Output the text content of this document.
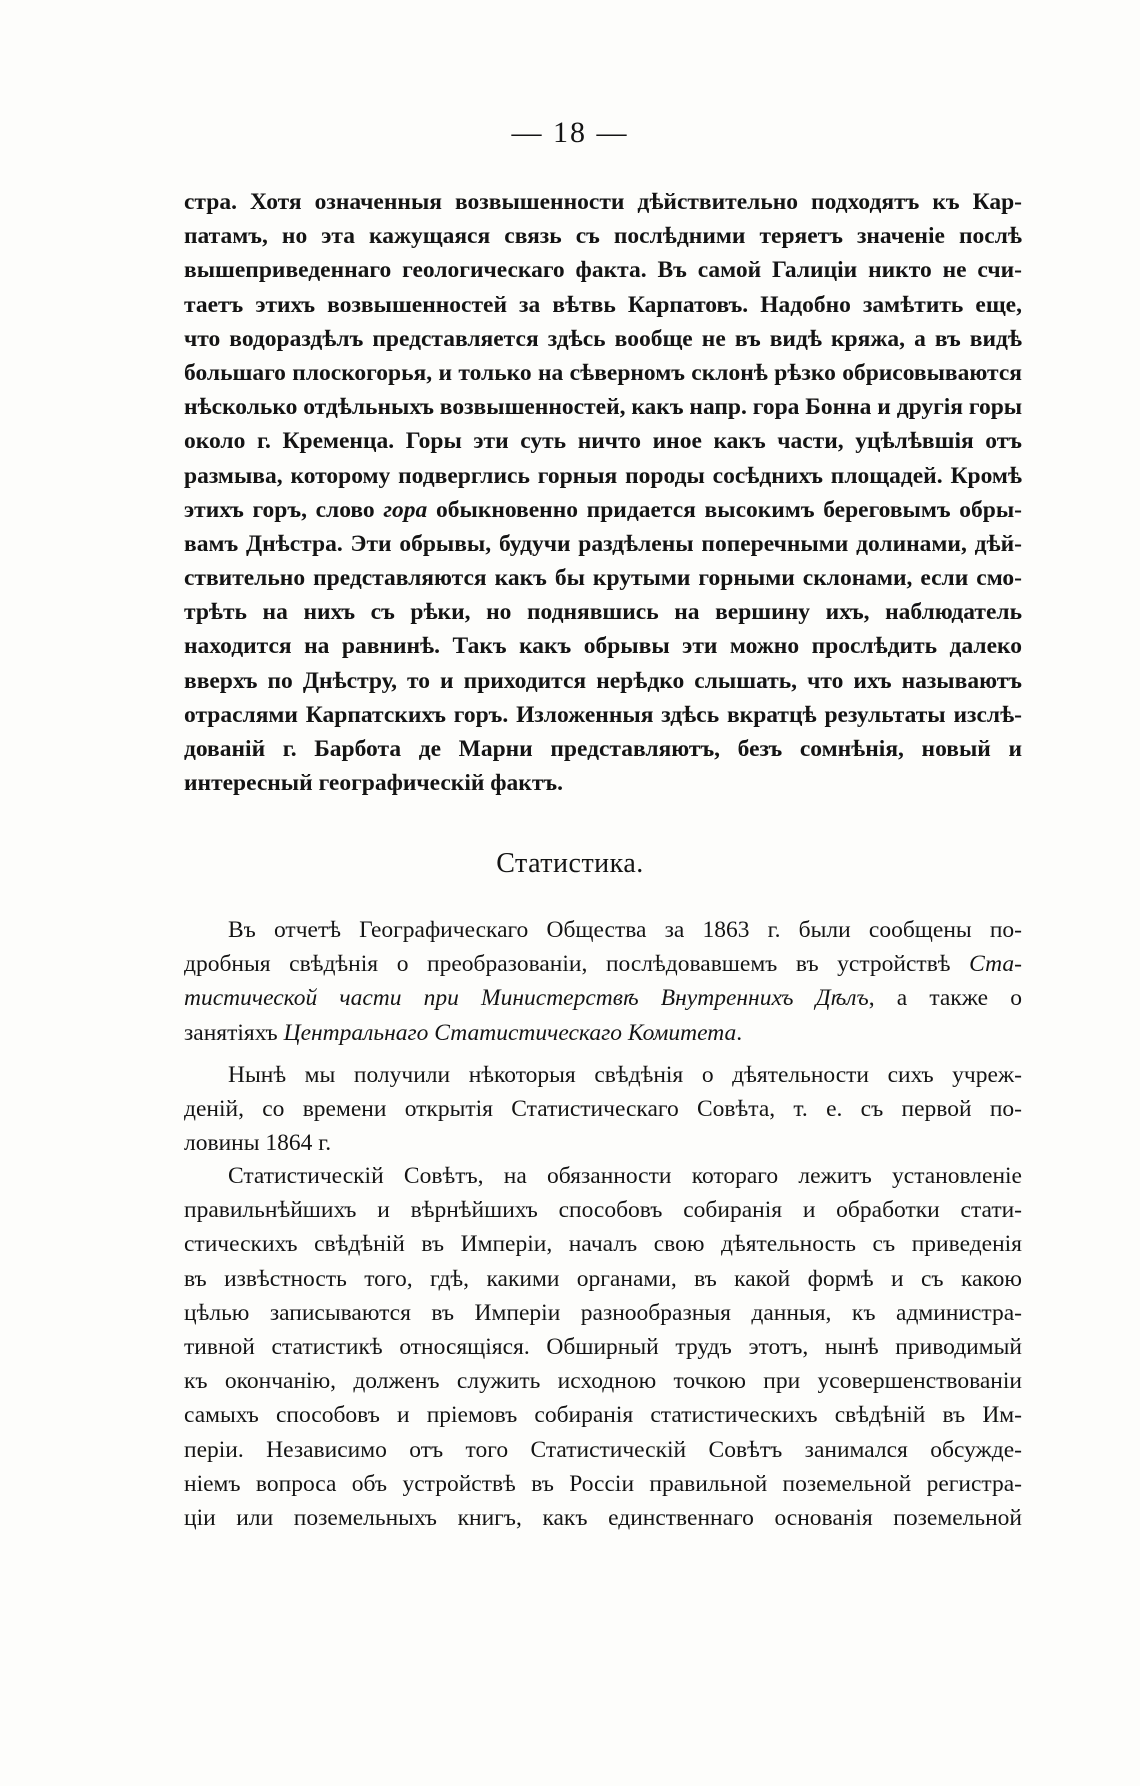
— 18 —
стра. Хотя означенныя возвышенности дѣйствительно подходятъ къ Кар-
патамъ, но эта кажущаяся связь съ послѣдними теряетъ значеніе послѣ
вышеприведеннаго геологическаго факта. Въ самой Галиціи никто не счи-
таетъ этихъ возвышенностей за вѣтвь Карпатовъ. Надобно замѣтить еще,
что водораздѣлъ представляется здѣсь вообще не въ видѣ кряжа, а въ видѣ
большаго плоскогорья, и только на сѣверномъ склонѣ рѣзко обрисовываются
нѣсколько отдѣльныхъ возвышенностей, какъ напр. гора Бонна и другія горы
около г. Кременца. Горы эти суть ничто иное какъ части, уцѣлѣвшія отъ
размыва, которому подверглись горныя породы сосѣднихъ площадей. Кромѣ
этихъ горъ, слово гора обыкновенно придается высокимъ береговымъ обры-
вамъ Днѣстра. Эти обрывы, будучи раздѣлены поперечными долинами, дѣй-
ствительно представляются какъ бы крутыми горными склонами, если смо-
трѣть на нихъ съ рѣки, но поднявшись на вершину ихъ, наблюдатель
находится на равнинѣ. Такъ какъ обрывы эти можно прослѣдить далеко
вверхъ по Днѣстру, то и приходится нерѣдко слышать, что ихъ называютъ
отраслями Карпатскихъ горъ. Изложенныя здѣсь вкратцѣ результаты изслѣ-
дованій г. Барбота де Марни представляютъ, безъ сомнѣнія, новый и
интересный географическій фактъ.
Статистика.
Въ отчетѣ Географическаго Общества за 1863 г. были сообщены по-
дробныя свѣдѣнія о преобразованіи, послѣдовавшемъ въ устройствѣ Ста-
тистической части при Министерствѣ Внутреннихъ Дѣлъ, а также о
занятіяхъ Центральнаго Статистическаго Комитета.
Нынѣ мы получили нѣкоторыя свѣдѣнія о дѣятельности сихъ учреж-
деній, со времени открытія Статистическаго Совѣта, т. е. съ первой по-
ловины 1864 г.
Статистическій Совѣтъ, на обязанности котораго лежитъ установленіе
правильнѣйшихъ и вѣрнѣйшихъ способовъ собиранія и обработки стати-
стическихъ свѣдѣній въ Имперіи, началъ свою дѣятельность съ приведенія
въ извѣстность того, гдѣ, какими органами, въ какой формѣ и съ какою
цѣлью записываются въ Имперіи разнообразныя данныя, къ администра-
тивной статистикѣ относящіяся. Обширный трудъ этотъ, нынѣ приводимый
къ окончанію, долженъ служить исходною точкою при усовершенствованіи
самыхъ способовъ и пріемовъ собиранія статистическихъ свѣдѣній въ Им-
періи. Независимо отъ того Статистическій Совѣтъ занимался обсужде-
ніемъ вопроса объ устройствѣ въ Россіи правильной поземельной регистра-
ціи или поземельныхъ книгъ, какъ единственнаго основанія поземельной
